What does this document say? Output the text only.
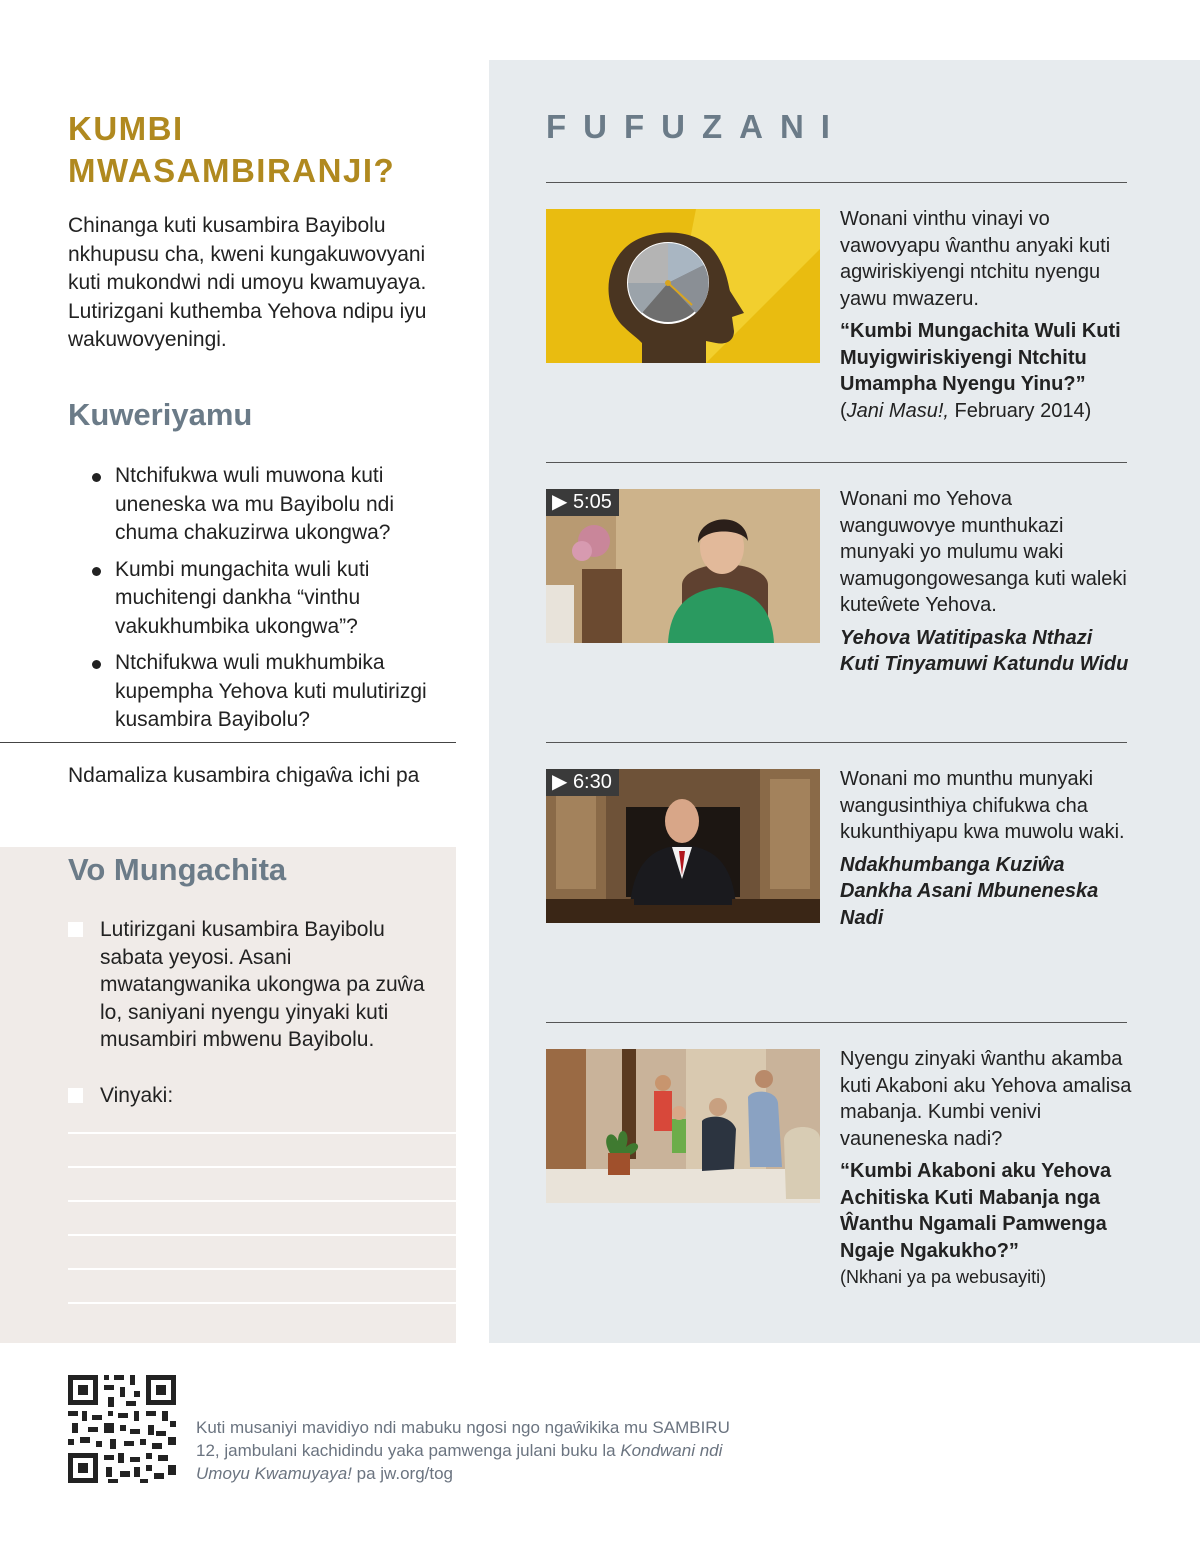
KUMBI MWASAMBIRANJI?

Chinanga kuti kusambira Bayibolu nkhupusu cha, kweni kungakuwovyani kuti mukondwi ndi umoyu kwamuyaya. Lutirizgani kuthemba Yehova ndipu iyu wakuwovyeningi.

Kuweriyamu
Ntchifukwa wuli muwona kuti uneneska wa mu Bayibolu ndi chuma chakuzirwa ukongwa?
Kumbi mungachita wuli kuti muchitengi dankha “vinthu vakukhumbika ukongwa”?
Ntchifukwa wuli mukhumbika kupempha Yehova kuti mulutirizgi kusambira Bayibolu?

Ndamaliza kusambira chigaŵa ichi pa

Vo Mungachita

Lutirizgani kusambira Bayibolu sabata yeyosi. Asani mwatangwanika ukongwa pa zuŵa lo, saniyani nyengu yinyaki kuti musambiri mbwenu Bayibolu.

Vinyaki:

FUFUZANI

Wonani vinthu vinayi vo vawovyapu ŵanthu anyaki kuti agwiriskiyengi ntchitu nyengu yawu mwazeru.

“Kumbi Mungachita Wuli Kuti Muyigwiriskiyengi Ntchitu Umampha Nyengu Yinu?” (Jani Masu!, February 2014)

▶ 5:05	Wonani mo Yehova wanguwovye munthukazi munyaki yo mulumu waki wamugongowesanga kuti waleki kuteŵete Yehova.

Yehova Watitipaska Nthazi Kuti Tinyamuwi Katundu Widu

▶ 6:30	Wonani mo munthu munyaki wangusinthiya chifukwa cha kukunthiyapu kwa muwolu waki.

Ndakhumbanga Kuziŵa Dankha Asani Mbuneneska Nadi

Nyengu zinyaki ŵanthu akamba kuti Akaboni aku Yehova amalisa mabanja. Kumbi venivi vauneneska nadi?

“Kumbi Akaboni aku Yehova Achitiska Kuti Mabanja nga Ŵanthu Ngamali Pamwenga Ngaje Ngakukho?”

(Nkhani ya pa webusayiti)

Kuti musaniyi mavidiyo ndi mabuku ngosi ngo ngaŵikika mu SAMBIRU 12, jambulani kachidindu yaka pamwenga julani buku la Kondwani ndi Umoyu Kwamuyaya! pa jw.org/tog
